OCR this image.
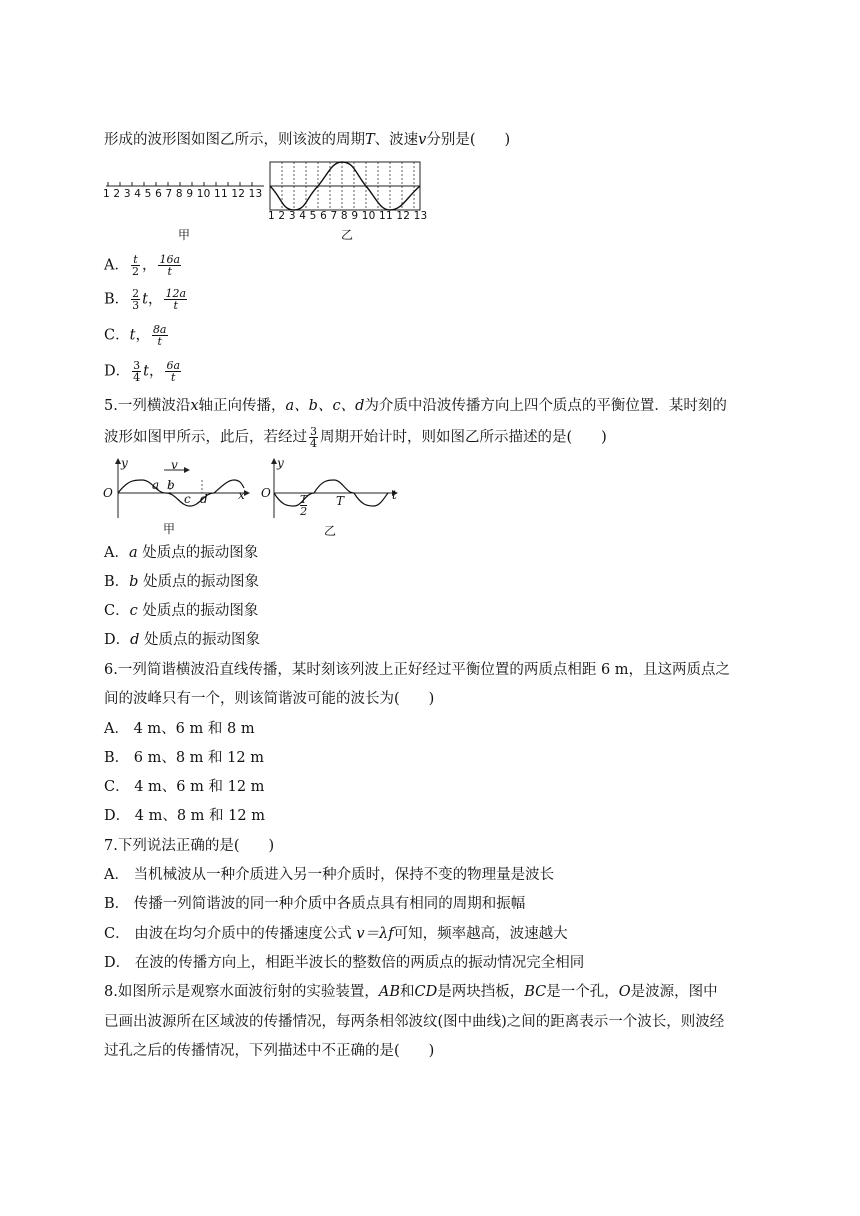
形成的波形图如图乙所示，则该波的周期T、波速v分别是(　　)
1 2 3 4 5 6 7 8 9 10 11 12 13
甲
1 2 3 4 5 6 7 8 9 10 11 12 13
乙
A． $\frac{t}{2}$ ， $\frac{16a}{t}$
B． $\frac{2}{3}$ t， $\frac{12a}{t}$
C．t， $\frac{8a}{t}$
D． $\frac{3}{4}$ t， $\frac{6a}{t}$
5.一列横波沿x轴正向传播，a、b、c、d为介质中沿波传播方向上四个质点的平衡位置．某时刻的
波形如图甲所示，此后，若经过 $\frac{3}{4}$ 周期开始计时，则如图乙所示描述的是(　　)
y
O	x
v
a b
c d
甲
y
O	t
T
2
T
乙
A．a 处质点的振动图象
B．b 处质点的振动图象
C．c 处质点的振动图象
D．d 处质点的振动图象
6.一列简谐横波沿直线传播，某时刻该列波上正好经过平衡位置的两质点相距 6 m，且这两质点之
间的波峰只有一个，则该简谐波可能的波长为(　　)
A． 4 m、6 m 和 8 m
B． 6 m、8 m 和 12 m
C． 4 m、6 m 和 12 m
D． 4 m、8 m 和 12 m
7.下列说法正确的是(　　)
A． 当机械波从一种介质进入另一种介质时，保持不变的物理量是波长
B． 传播一列简谐波的同一种介质中各质点具有相同的周期和振幅
C． 由波在均匀介质中的传播速度公式 v＝λf可知，频率越高，波速越大
D． 在波的传播方向上，相距半波长的整数倍的两质点的振动情况完全相同
8.如图所示是观察水面波衍射的实验装置，AB和CD是两块挡板，BC是一个孔，O是波源，图中
已画出波源所在区域波的传播情况，每两条相邻波纹(图中曲线)之间的距离表示一个波长，则波经
过孔之后的传播情况，下列描述中不正确的是(　　)
